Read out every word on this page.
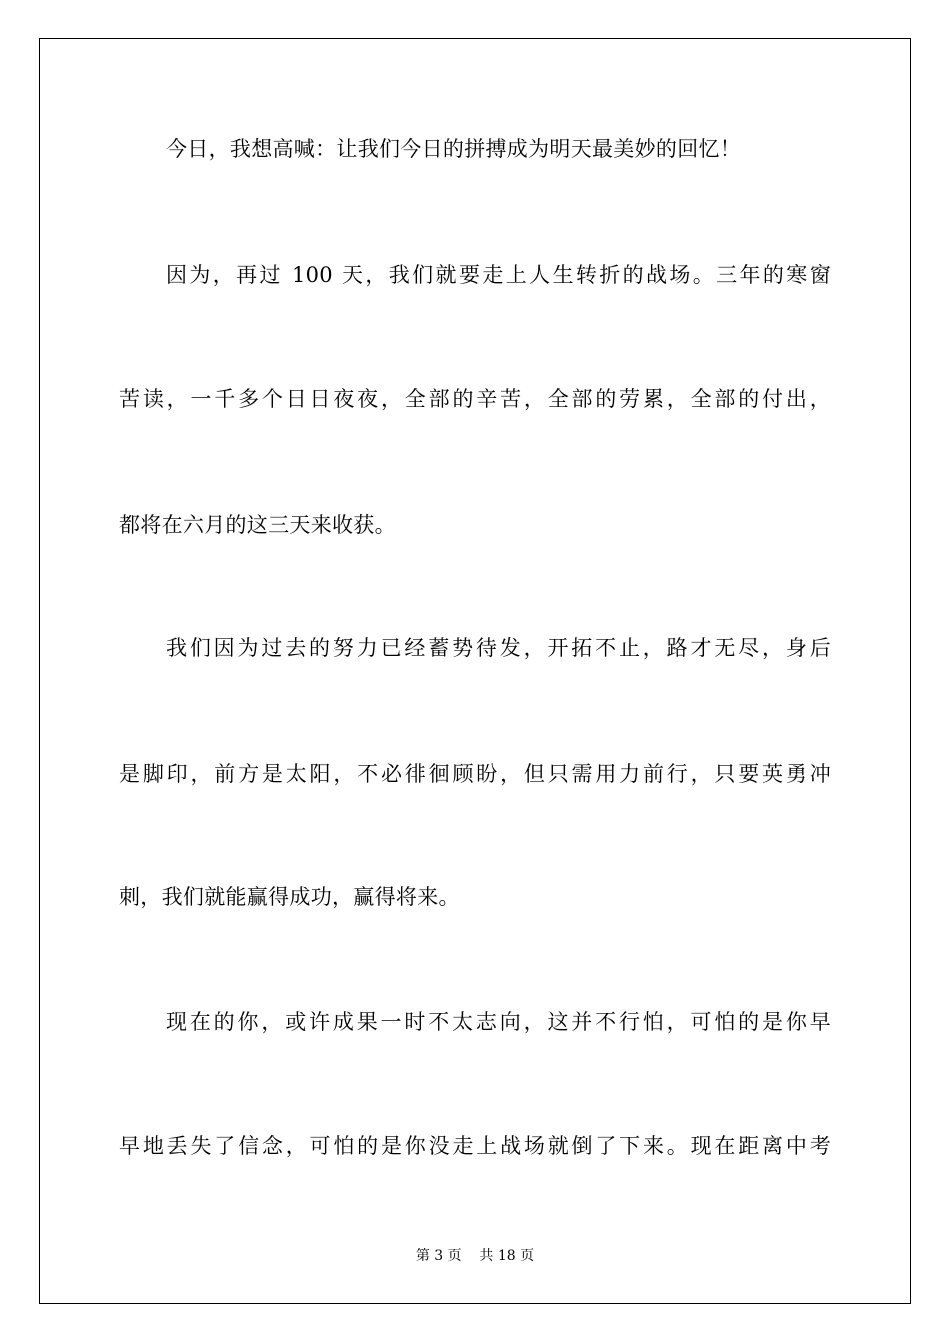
今日，我想高喊：让我们今日的拼搏成为明天最美妙的回忆！
因为，再过 100 天，我们就要走上人生转折的战场。三年的寒窗
苦读，一千多个日日夜夜，全部的辛苦，全部的劳累，全部的付出，
都将在六月的这三天来收获。
我们因为过去的努力已经蓄势待发，开拓不止，路才无尽，身后
是脚印，前方是太阳，不必徘徊顾盼，但只需用力前行，只要英勇冲
刺，我们就能赢得成功，赢得将来。
现在的你，或许成果一时不太志向，这并不行怕，可怕的是你早
早地丢失了信念，可怕的是你没走上战场就倒了下来。现在距离中考
第 3 页    共 18 页
